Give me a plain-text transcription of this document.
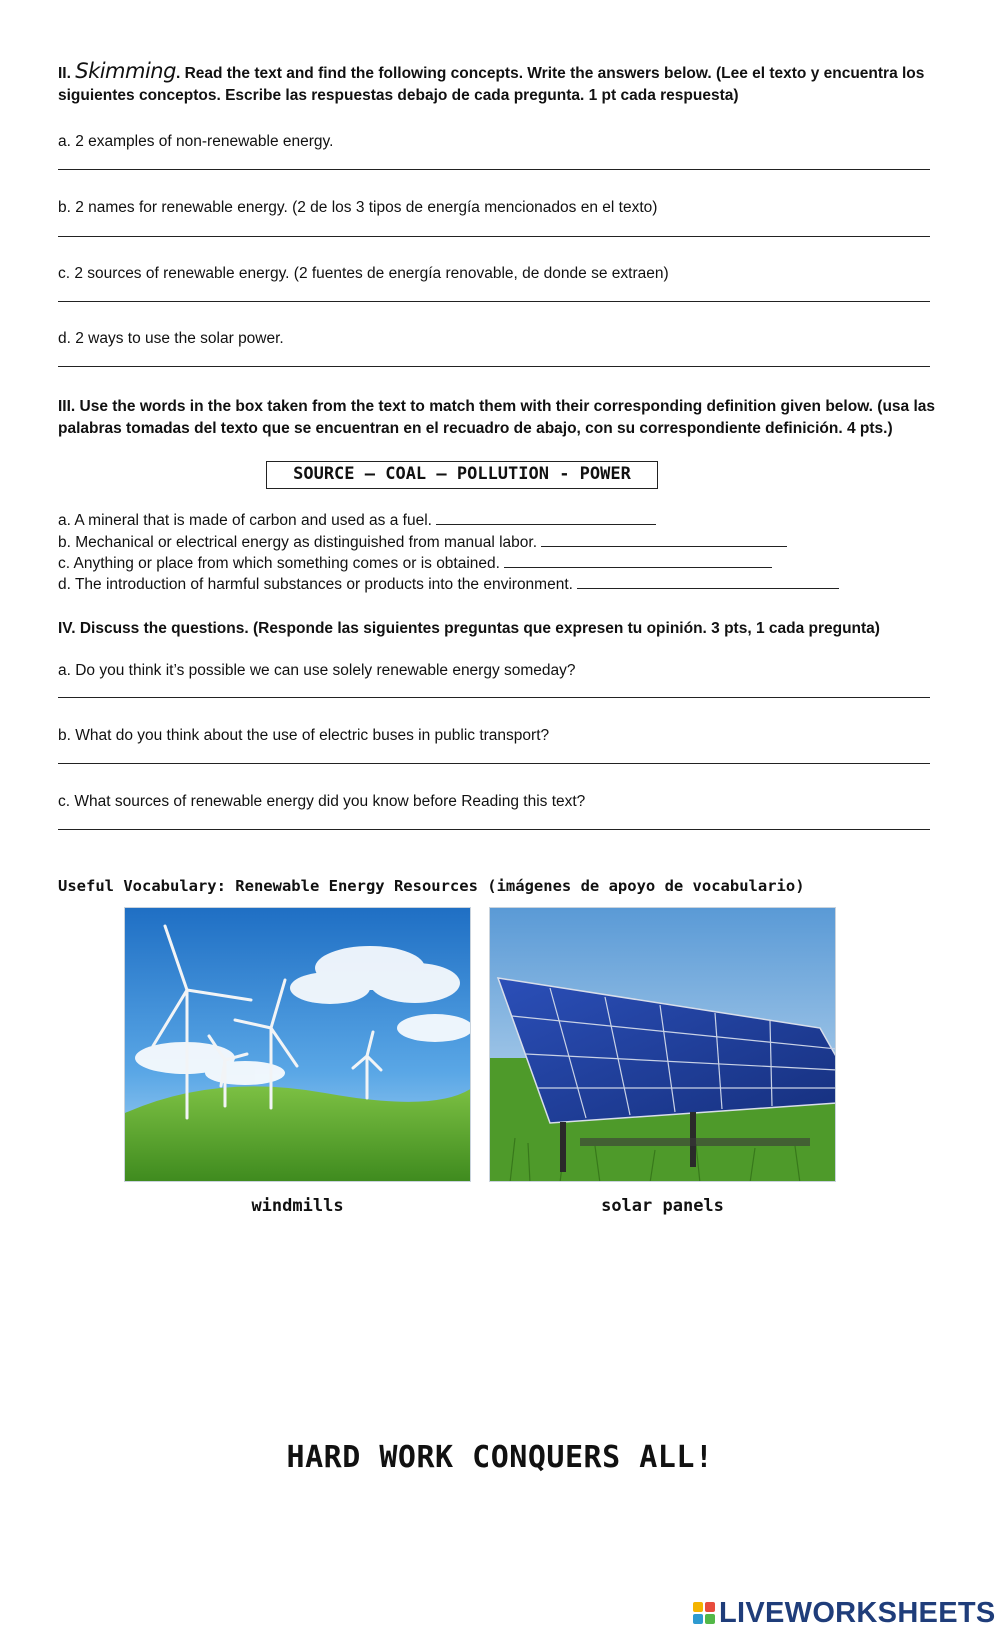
II. Skimming. Read the text and find the following concepts. Write the answers below. (Lee el texto y encuentra los siguientes conceptos. Escribe las respuestas debajo de cada pregunta. 1 pt cada respuesta)
a. 2 examples of non-renewable energy.
b. 2 names for renewable energy. (2 de los 3 tipos de energía mencionados en el texto)
c. 2 sources of renewable energy. (2 fuentes de energía renovable, de donde se extraen)
d. 2 ways to use the solar power.
III. Use the words in the box taken from the text to match them with their corresponding definition given below. (usa las palabras tomadas del texto que se encuentran en el recuadro de abajo, con su correspondiente definición. 4 pts.)
SOURCE – COAL – POLLUTION - POWER
a. A mineral that is made of carbon and used as a fuel.
b. Mechanical or electrical energy as distinguished from manual labor.
c. Anything or place from which something comes or is obtained.
d. The introduction of harmful substances or products into the environment.
IV. Discuss the questions. (Responde las siguientes preguntas que expresen tu opinión. 3 pts, 1 cada pregunta)
a. Do you think it’s possible we can use solely renewable energy someday?
b. What do you think about the use of electric buses in public transport?
c. What sources of renewable energy did you know before Reading this text?
Useful Vocabulary: Renewable Energy Resources (imágenes de apoyo de vocabulario)
windmills	solar panels
HARD WORK CONQUERS ALL!
LIVEWORKSHEETS
